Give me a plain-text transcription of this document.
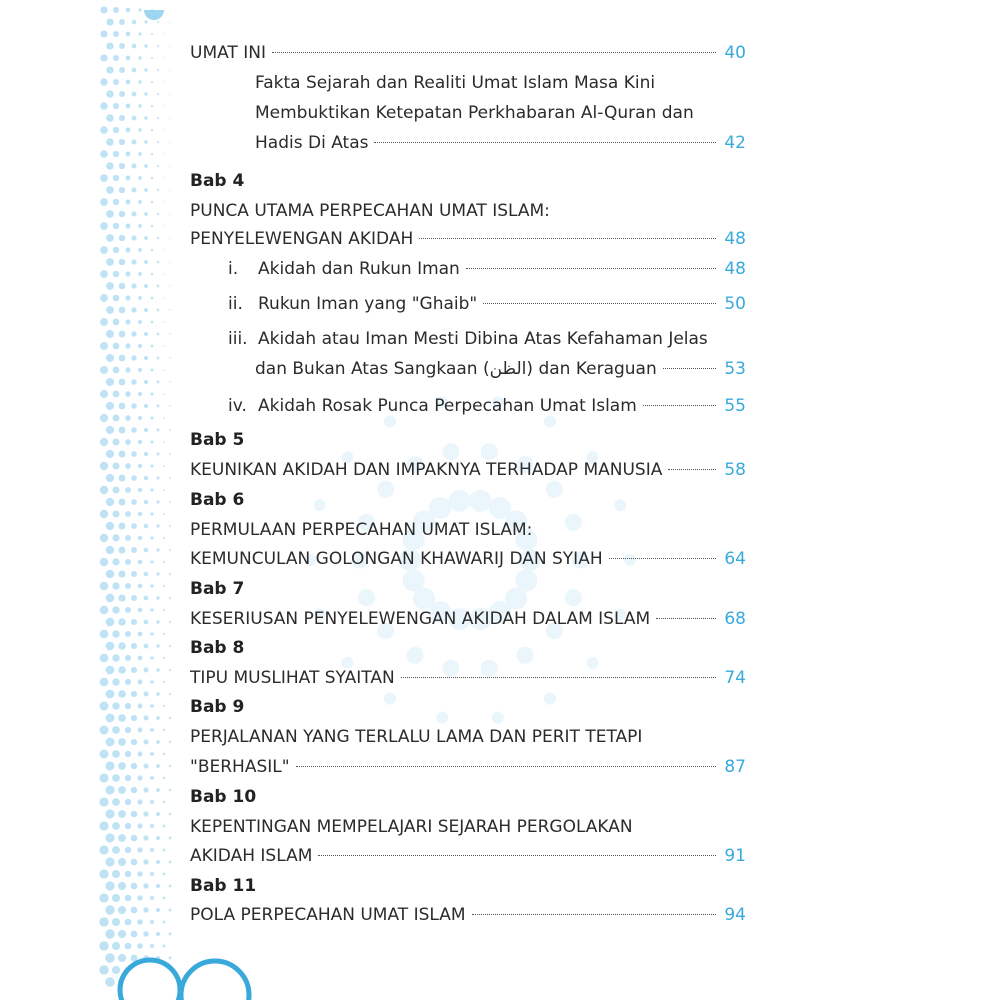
UMAT INI	40
Fakta Sejarah dan Realiti Umat Islam Masa Kini
Membuktikan Ketepatan Perkhabaran Al-Quran dan
Hadis Di Atas	42
Bab 4
PUNCA UTAMA PERPECAHAN UMAT ISLAM:
PENYELEWENGAN AKIDAH	48
i.	Akidah dan Rukun Iman	48
ii. Rukun Iman yang "Ghaib"	50
iii. Akidah atau Iman Mesti Dibina Atas Kefahaman Jelas
dan Bukan Atas Sangkaan (الظن) dan Keraguan	53
iv. Akidah Rosak Punca Perpecahan Umat Islam	55
Bab 5
KEUNIKAN AKIDAH DAN IMPAKNYA TERHADAP MANUSIA	58
Bab 6
PERMULAAN PERPECAHAN UMAT ISLAM:
KEMUNCULAN GOLONGAN KHAWARIJ DAN SYIAH	64
Bab 7
KESERIUSAN PENYELEWENGAN AKIDAH DALAM ISLAM	68
Bab 8
TIPU MUSLIHAT SYAITAN	74
Bab 9
PERJALANAN YANG TERLALU LAMA DAN PERIT TETAPI
"BERHASIL"	87
Bab 10
KEPENTINGAN MEMPELAJARI SEJARAH PERGOLAKAN
AKIDAH ISLAM	91
Bab 11
POLA PERPECAHAN UMAT ISLAM	94
